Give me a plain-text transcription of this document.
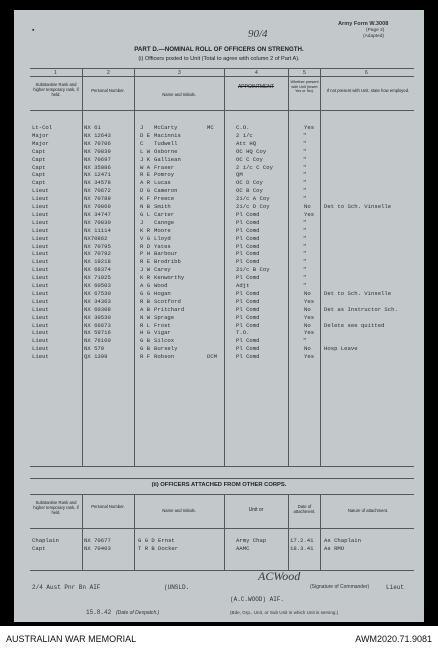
▪
Army Form W.3008
(Page 2)
(Adapted)
90/4
PART D.—NOMINAL ROLL OF OFFICERS ON STRENGTH.
(i) Officers posted to Unit (Total to agree with column 2 of Part A).
1	2	3	4	5	6
Substantive Rank and higher temporary rank, if held.
Personal Number.
Name and Initials.
APPOINTMENT
Whether present with Unit (insert Yes or No).	If not present with Unit, state how employed.
Lt-Col	NX 61	J McCarty	MC	C.O.	Yes
Major	NX 12643	D E Macinnis	2 i/c	"
Major	NX 70706	C Tudwell	Att HQ	"
Capt	NX 70839	L W Osborne	OC HQ Coy	"
Capt	NX 70697	J K Galliean	OC C Coy	"
Capt	NX 35086	W A Fraser	2 i/c C Coy	"
Capt	NX 12471	R E Pomroy	QM	"
Capt	NX 34578	A R Lucas	OC D Coy	"
Lieut	NX 70672	D G Cameron	OC B Coy	"
Lieut	NX 70789	K F Preece	2i/c A Coy	"
Lieut	NX 70869	N B Smith	2i/c D Coy	No Det to Sch. Vinselle
Lieut	NX 34747	G L Carter	Pl Comd	Yes
Lieut	NX 70830	J Cannge	Pl Comd	"
Lieut	NX 11114	K R Moore	Pl Comd	"
Lieut	NX70862	V G Lloyd	Pl Comd	"
Lieut	NX 70795	R D Yates	Pl Comd	"
Lieut	NX 70792	P H Barbour	Pl Comd	"
Lieut	NX 19218	R E Brodribb	Pl Comd	"
Lieut	NX 68374	J W Carey	2i/c B Coy	"
Lieut	NX 71025	K R Kenworthy	Pl Comd	"
Lieut	NX 60503	A G Wood	Adjt	"
Lieut	NX 67530	G G Hogan	Pl Comd	No Det to Sch. Vinselle
Lieut	NX 34363	R B Scotford	Pl Comd	Yes
Lieut	NX 60308	A B Pritchard	Pl Comd	No Det as Instructor Sch.
Lieut	NX 30530	N W Sprage	Pl Comd	Yes
Lieut	NX 66673	R L Frost	Pl Comd	No Delete see quitted
Lieut	NX 59716	H G Vigar	T.O.	Yes
Lieut	NX 76160	G B Silcox	Pl Comd	"
Lieut	NX 579	G B Bursely	Pl Comd	No Hosp Leave
Lieut	QX 1399	R F Robson	DCM	Pl Comd	Yes
(ii) OFFICERS ATTACHED FROM OTHER CORPS.
Substantive Rank and higher temporary rank, if held.
Personal Number.
Name and Initials.	Unit or
Date of attachment.	Nature of attachment.
Chaplain	NX 70677	G G D Ernst	Army Chap	17.2.41 As Chaplain
Capt	NX 70403	T R B Docker	AAMC	18.3.41 As RMO
2/4 Aust Pnr Bn AIF	(UNSLD.
ACWood
(Signature of Commander)	Lieut
(A.C.WOOD) AIF.
15.8.42 (Date of Despatch.)	(Bde, Grp., Unit, or Sub Unit in which Unit is serving.)
AUSTRALIAN WAR MEMORIAL	AWM2020.71.9081
